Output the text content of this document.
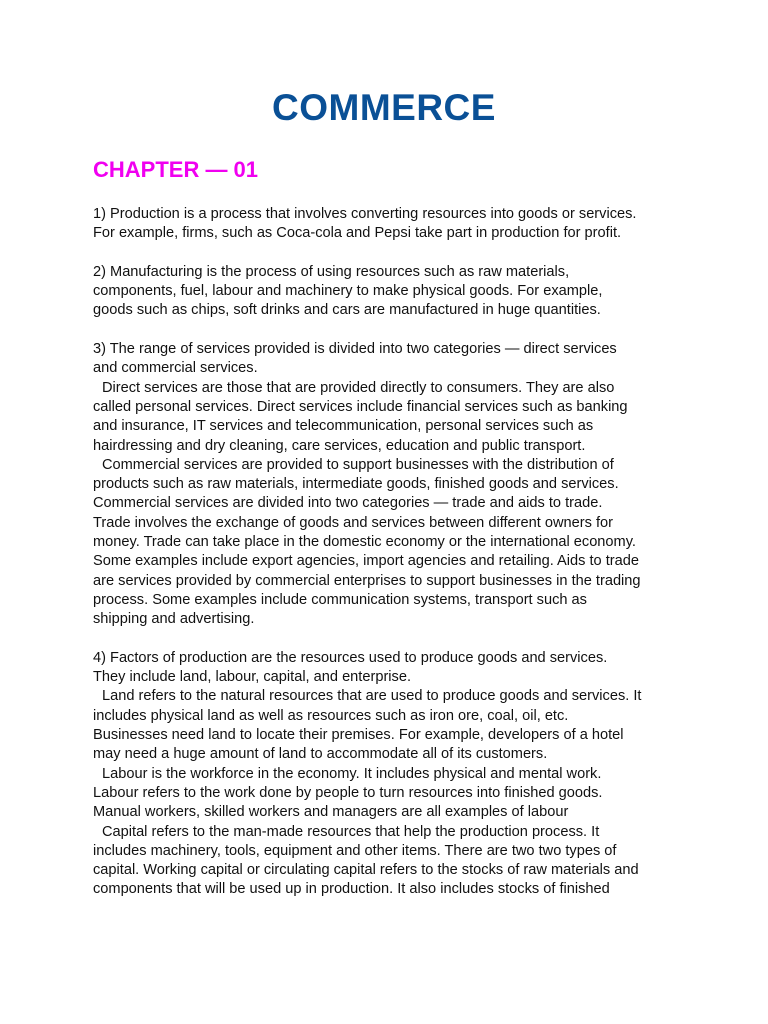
COMMERCE
CHAPTER — 01

1) Production is a process that involves converting resources into goods or services.

For example, firms, such as Coca-cola and Pepsi take part in production for profit.

2) Manufacturing is the process of using resources such as raw materials,

components, fuel, labour and machinery to make physical goods. For example,

goods such as chips, soft drinks and cars are manufactured in huge quantities.

3) The range of services provided is divided into two categories — direct services

and commercial services.

Direct services are those that are provided directly to consumers. They are also

called personal services. Direct services include financial services such as banking

and insurance, IT services and telecommunication, personal services such as

hairdressing and dry cleaning, care services, education and public transport.

Commercial services are provided to support businesses with the distribution of

products such as raw materials, intermediate goods, finished goods and services.

Commercial services are divided into two categories — trade and aids to trade.

Trade involves the exchange of goods and services between different owners for

money. Trade can take place in the domestic economy or the international economy.

Some examples include export agencies, import agencies and retailing. Aids to trade

are services provided by commercial enterprises to support businesses in the trading

process. Some examples include communication systems, transport such as

shipping and advertising.

4) Factors of production are the resources used to produce goods and services.

They include land, labour, capital, and enterprise.

Land refers to the natural resources that are used to produce goods and services. It

includes physical land as well as resources such as iron ore, coal, oil, etc.

Businesses need land to locate their premises. For example, developers of a hotel

may need a huge amount of land to accommodate all of its customers.

Labour is the workforce in the economy. It includes physical and mental work.

Labour refers to the work done by people to turn resources into finished goods.

Manual workers, skilled workers and managers are all examples of labour

Capital refers to the man-made resources that help the production process. It

includes machinery, tools, equipment and other items. There are two two types of

capital. Working capital or circulating capital refers to the stocks of raw materials and

components that will be used up in production. It also includes stocks of finished
